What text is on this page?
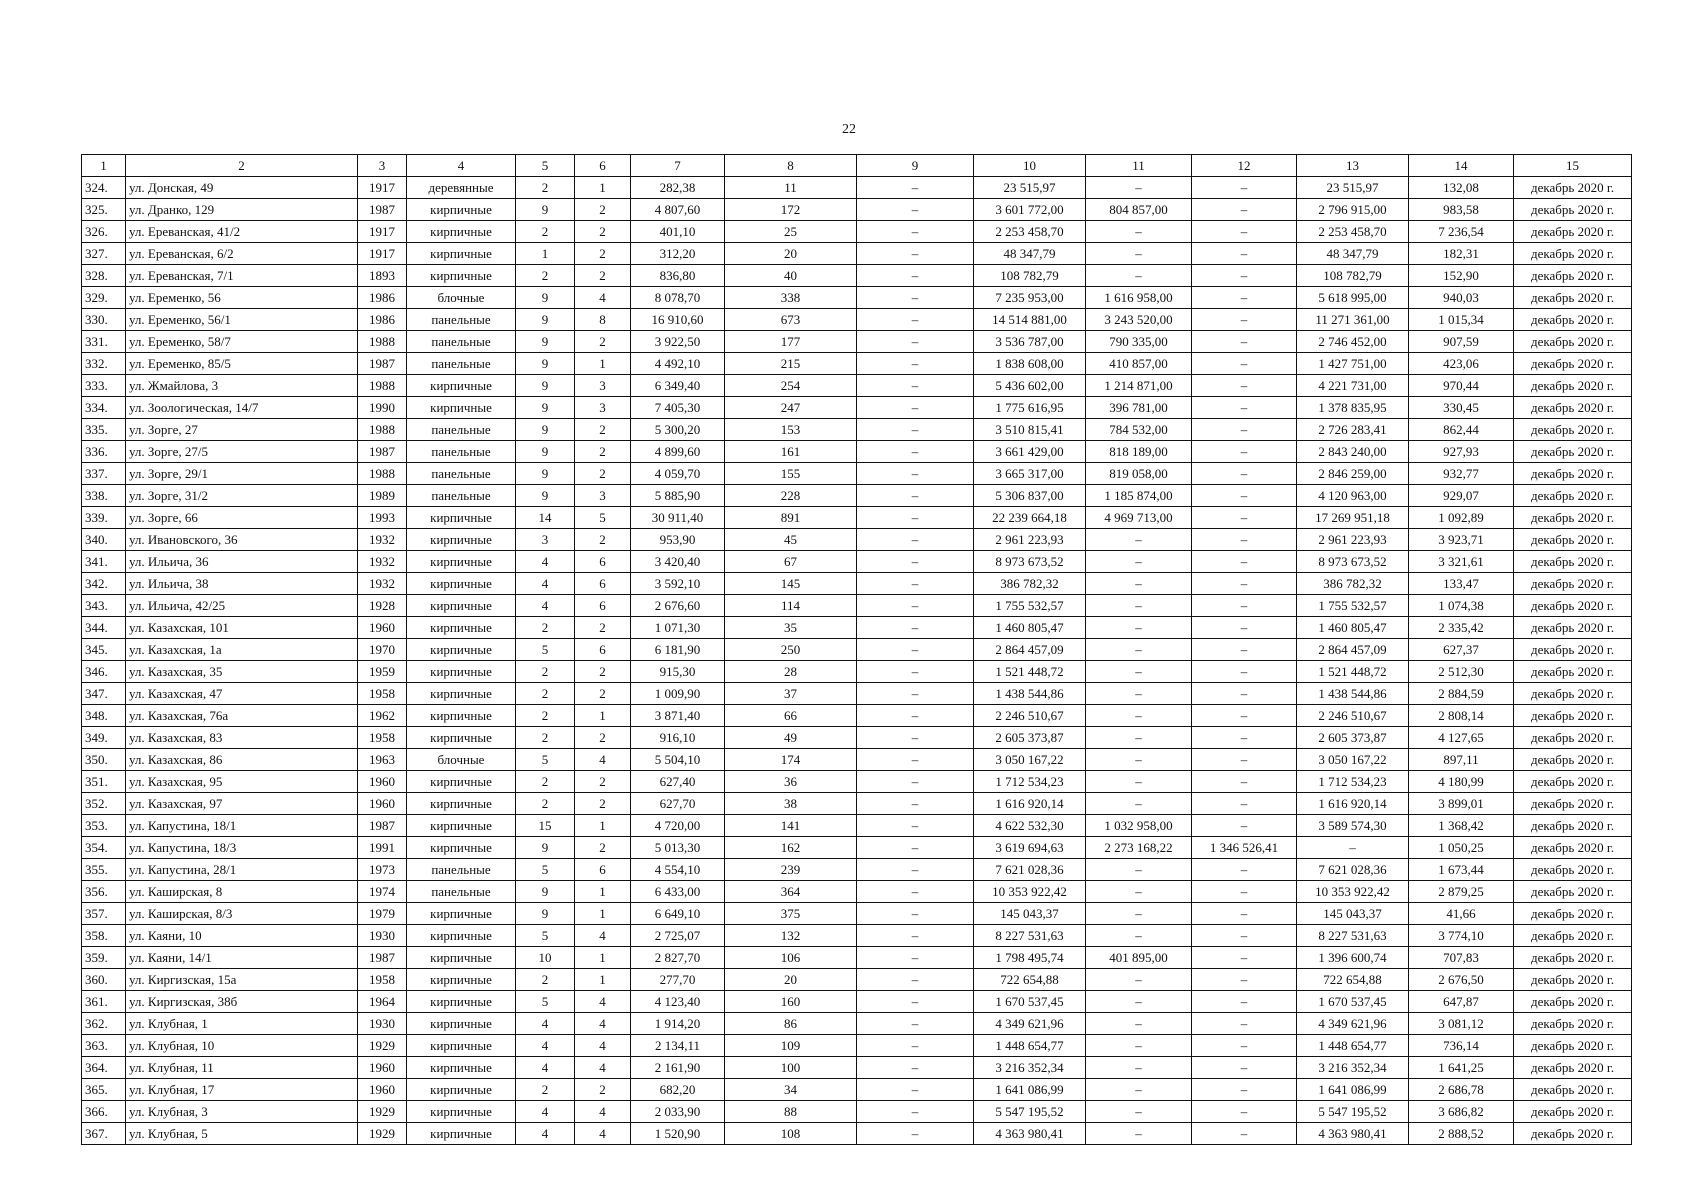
22
1	2	3	4	5	6	7	8	9	10	11	12	13	14	15
324.	ул. Донская, 49	1917	деревянные	2	1	282,38	11	–	23 515,97	–	–	23 515,97	132,08	декабрь 2020 г.
325.	ул. Дранко, 129	1987	кирпичные	9	2	4 807,60	172	–	3 601 772,00	804 857,00	–	2 796 915,00	983,58	декабрь 2020 г.
326.	ул. Ереванская, 41/2	1917	кирпичные	2	2	401,10	25	–	2 253 458,70	–	–	2 253 458,70	7 236,54	декабрь 2020 г.
327.	ул. Ереванская, 6/2	1917	кирпичные	1	2	312,20	20	–	48 347,79	–	–	48 347,79	182,31	декабрь 2020 г.
328.	ул. Ереванская, 7/1	1893	кирпичные	2	2	836,80	40	–	108 782,79	–	–	108 782,79	152,90	декабрь 2020 г.
329.	ул. Еременко, 56	1986	блочные	9	4	8 078,70	338	–	7 235 953,00	1 616 958,00	–	5 618 995,00	940,03	декабрь 2020 г.
330.	ул. Еременко, 56/1	1986	панельные	9	8	16 910,60	673	–	14 514 881,00	3 243 520,00	–	11 271 361,00	1 015,34	декабрь 2020 г.
331.	ул. Еременко, 58/7	1988	панельные	9	2	3 922,50	177	–	3 536 787,00	790 335,00	–	2 746 452,00	907,59	декабрь 2020 г.
332.	ул. Еременко, 85/5	1987	панельные	9	1	4 492,10	215	–	1 838 608,00	410 857,00	–	1 427 751,00	423,06	декабрь 2020 г.
333.	ул. Жмайлова, 3	1988	кирпичные	9	3	6 349,40	254	–	5 436 602,00	1 214 871,00	–	4 221 731,00	970,44	декабрь 2020 г.
334.	ул. Зоологическая, 14/7	1990	кирпичные	9	3	7 405,30	247	–	1 775 616,95	396 781,00	–	1 378 835,95	330,45	декабрь 2020 г.
335.	ул. Зорге, 27	1988	панельные	9	2	5 300,20	153	–	3 510 815,41	784 532,00	–	2 726 283,41	862,44	декабрь 2020 г.
336.	ул. Зорге, 27/5	1987	панельные	9	2	4 899,60	161	–	3 661 429,00	818 189,00	–	2 843 240,00	927,93	декабрь 2020 г.
337.	ул. Зорге, 29/1	1988	панельные	9	2	4 059,70	155	–	3 665 317,00	819 058,00	–	2 846 259,00	932,77	декабрь 2020 г.
338.	ул. Зорге, 31/2	1989	панельные	9	3	5 885,90	228	–	5 306 837,00	1 185 874,00	–	4 120 963,00	929,07	декабрь 2020 г.
339.	ул. Зорге, 66	1993	кирпичные	14	5	30 911,40	891	–	22 239 664,18	4 969 713,00	–	17 269 951,18	1 092,89	декабрь 2020 г.
340.	ул. Ивановского, 36	1932	кирпичные	3	2	953,90	45	–	2 961 223,93	–	–	2 961 223,93	3 923,71	декабрь 2020 г.
341.	ул. Ильича, 36	1932	кирпичные	4	6	3 420,40	67	–	8 973 673,52	–	–	8 973 673,52	3 321,61	декабрь 2020 г.
342.	ул. Ильича, 38	1932	кирпичные	4	6	3 592,10	145	–	386 782,32	–	–	386 782,32	133,47	декабрь 2020 г.
343.	ул. Ильича, 42/25	1928	кирпичные	4	6	2 676,60	114	–	1 755 532,57	–	–	1 755 532,57	1 074,38	декабрь 2020 г.
344.	ул. Казахская, 101	1960	кирпичные	2	2	1 071,30	35	–	1 460 805,47	–	–	1 460 805,47	2 335,42	декабрь 2020 г.
345.	ул. Казахская, 1а	1970	кирпичные	5	6	6 181,90	250	–	2 864 457,09	–	–	2 864 457,09	627,37	декабрь 2020 г.
346.	ул. Казахская, 35	1959	кирпичные	2	2	915,30	28	–	1 521 448,72	–	–	1 521 448,72	2 512,30	декабрь 2020 г.
347.	ул. Казахская, 47	1958	кирпичные	2	2	1 009,90	37	–	1 438 544,86	–	–	1 438 544,86	2 884,59	декабрь 2020 г.
348.	ул. Казахская, 76а	1962	кирпичные	2	1	3 871,40	66	–	2 246 510,67	–	–	2 246 510,67	2 808,14	декабрь 2020 г.
349.	ул. Казахская, 83	1958	кирпичные	2	2	916,10	49	–	2 605 373,87	–	–	2 605 373,87	4 127,65	декабрь 2020 г.
350.	ул. Казахская, 86	1963	блочные	5	4	5 504,10	174	–	3 050 167,22	–	–	3 050 167,22	897,11	декабрь 2020 г.
351.	ул. Казахская, 95	1960	кирпичные	2	2	627,40	36	–	1 712 534,23	–	–	1 712 534,23	4 180,99	декабрь 2020 г.
352.	ул. Казахская, 97	1960	кирпичные	2	2	627,70	38	–	1 616 920,14	–	–	1 616 920,14	3 899,01	декабрь 2020 г.
353.	ул. Капустина, 18/1	1987	кирпичные	15	1	4 720,00	141	–	4 622 532,30	1 032 958,00	–	3 589 574,30	1 368,42	декабрь 2020 г.
354.	ул. Капустина, 18/3	1991	кирпичные	9	2	5 013,30	162	–	3 619 694,63	2 273 168,22	1 346 526,41	–	1 050,25	декабрь 2020 г.
355.	ул. Капустина, 28/1	1973	панельные	5	6	4 554,10	239	–	7 621 028,36	–	–	7 621 028,36	1 673,44	декабрь 2020 г.
356.	ул. Каширская, 8	1974	панельные	9	1	6 433,00	364	–	10 353 922,42	–	–	10 353 922,42	2 879,25	декабрь 2020 г.
357.	ул. Каширская, 8/3	1979	кирпичные	9	1	6 649,10	375	–	145 043,37	–	–	145 043,37	41,66	декабрь 2020 г.
358.	ул. Каяни, 10	1930	кирпичные	5	4	2 725,07	132	–	8 227 531,63	–	–	8 227 531,63	3 774,10	декабрь 2020 г.
359.	ул. Каяни, 14/1	1987	кирпичные	10	1	2 827,70	106	–	1 798 495,74	401 895,00	–	1 396 600,74	707,83	декабрь 2020 г.
360.	ул. Киргизская, 15а	1958	кирпичные	2	1	277,70	20	–	722 654,88	–	–	722 654,88	2 676,50	декабрь 2020 г.
361.	ул. Киргизская, 38б	1964	кирпичные	5	4	4 123,40	160	–	1 670 537,45	–	–	1 670 537,45	647,87	декабрь 2020 г.
362.	ул. Клубная, 1	1930	кирпичные	4	4	1 914,20	86	–	4 349 621,96	–	–	4 349 621,96	3 081,12	декабрь 2020 г.
363.	ул. Клубная, 10	1929	кирпичные	4	4	2 134,11	109	–	1 448 654,77	–	–	1 448 654,77	736,14	декабрь 2020 г.
364.	ул. Клубная, 11	1960	кирпичные	4	4	2 161,90	100	–	3 216 352,34	–	–	3 216 352,34	1 641,25	декабрь 2020 г.
365.	ул. Клубная, 17	1960	кирпичные	2	2	682,20	34	–	1 641 086,99	–	–	1 641 086,99	2 686,78	декабрь 2020 г.
366.	ул. Клубная, 3	1929	кирпичные	4	4	2 033,90	88	–	5 547 195,52	–	–	5 547 195,52	3 686,82	декабрь 2020 г.
367.	ул. Клубная, 5	1929	кирпичные	4	4	1 520,90	108	–	4 363 980,41	–	–	4 363 980,41	2 888,52	декабрь 2020 г.
